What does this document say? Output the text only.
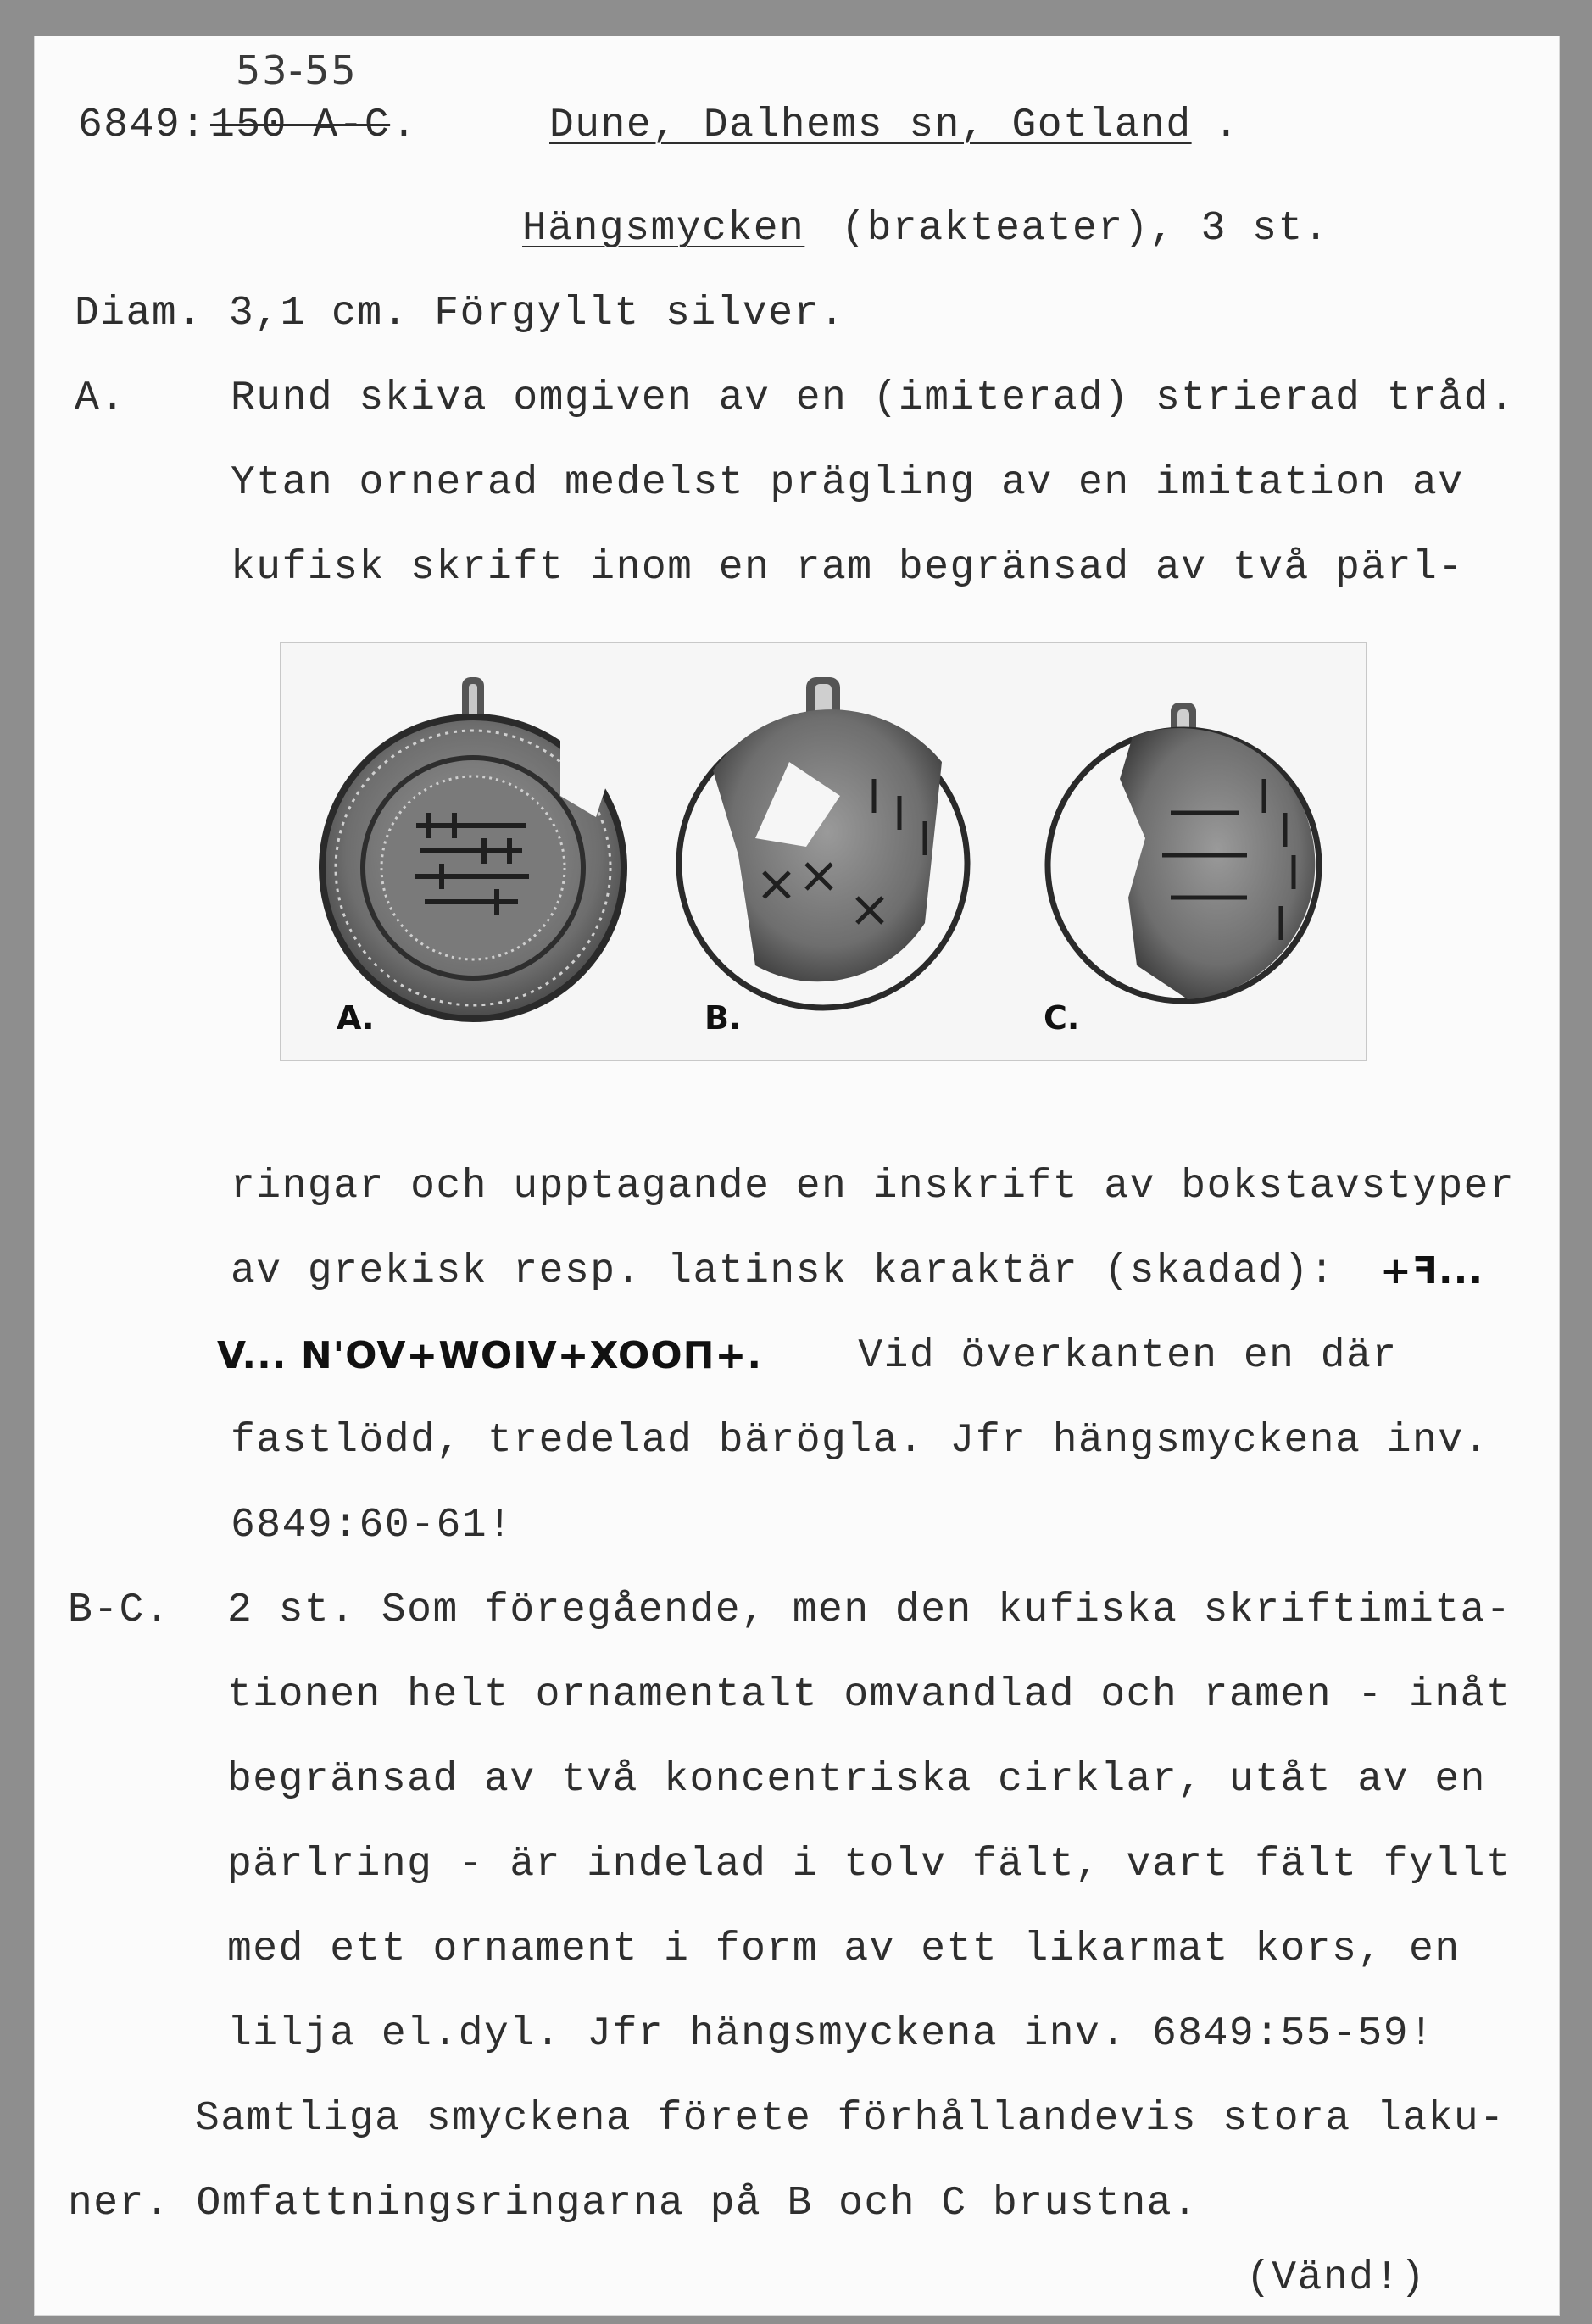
53-55
6849: 150 A-C .	Dune, Dalhems sn, Gotland .
Hängsmycken (brakteater), 3 st.
Diam. 3,1 cm. Förgyllt silver.
A.	Rund skiva omgiven av en (imiterad) strierad tråd.
Ytan ornerad medelst prägling av en imitation av
kufisk skrift inom en ram begränsad av två pärl-
A.	B.	C.
ringar och upptagande en inskrift av bokstavstyper
av grekisk resp. latinsk karaktär (skadad): +ꟻ...
V... N'OV+WOIV+XOOП+. Vid överkanten en där
fastlödd, tredelad bärögla. Jfr hängsmyckena inv.
6849:60-61!
B-C. 2 st. Som föregående, men den kufiska skriftimita-
tionen helt ornamentalt omvandlad och ramen - inåt
begränsad av två koncentriska cirklar, utåt av en
pärlring - är indelad i tolv fält, vart fält fyllt
med ett ornament i form av ett likarmat kors, en
lilja el.dyl. Jfr hängsmyckena inv. 6849:55-59!
Samtliga smyckena förete förhållandevis stora laku-
ner. Omfattningsringarna på B och C brustna.
(Vänd!)
